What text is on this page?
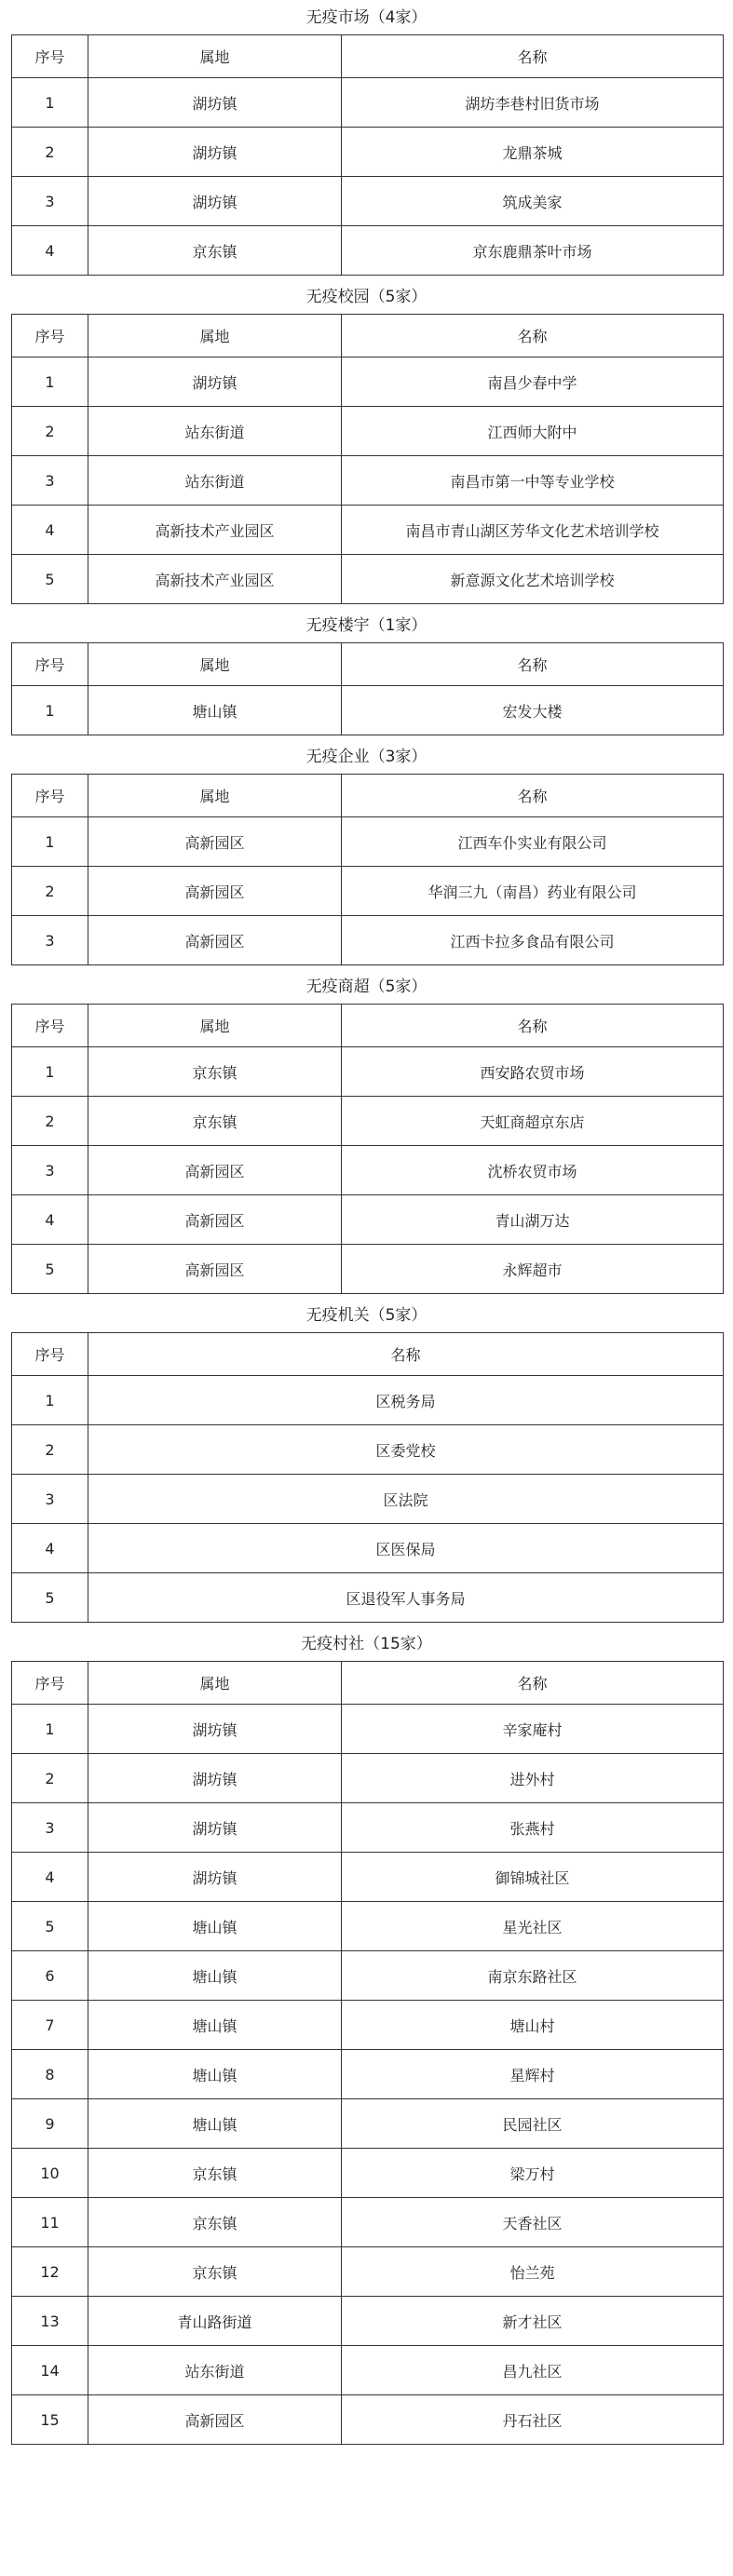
无疫市场（4家）
序号	属地	名称
1	湖坊镇	湖坊李巷村旧货市场
2	湖坊镇	龙鼎茶城
3	湖坊镇	筑成美家
4	京东镇	京东鹿鼎茶叶市场
无疫校园（5家）
序号	属地	名称
1	湖坊镇	南昌少春中学
2	站东街道	江西师大附中
3	站东街道	南昌市第一中等专业学校
4	高新技术产业园区	南昌市青山湖区芳华文化艺术培训学校
5	高新技术产业园区	新意源文化艺术培训学校
无疫楼宇（1家）
序号	属地	名称
1	塘山镇	宏发大楼
无疫企业（3家）
序号	属地	名称
1	高新园区	江西车仆实业有限公司
2	高新园区	华润三九（南昌）药业有限公司
3	高新园区	江西卡拉多食品有限公司
无疫商超（5家）
序号	属地	名称
1	京东镇	西安路农贸市场
2	京东镇	天虹商超京东店
3	高新园区	沈桥农贸市场
4	高新园区	青山湖万达
5	高新园区	永辉超市
无疫机关（5家）
序号	名称
1	区税务局
2	区委党校
3	区法院
4	区医保局
5	区退役军人事务局
无疫村社（15家）
序号	属地	名称
1	湖坊镇	辛家庵村
2	湖坊镇	进外村
3	湖坊镇	张燕村
4	湖坊镇	御锦城社区
5	塘山镇	星光社区
6	塘山镇	南京东路社区
7	塘山镇	塘山村
8	塘山镇	星辉村
9	塘山镇	民园社区
10	京东镇	梁万村
11	京东镇	天香社区
12	京东镇	怡兰苑
13	青山路街道	新才社区
14	站东街道	昌九社区
15	高新园区	丹石社区
